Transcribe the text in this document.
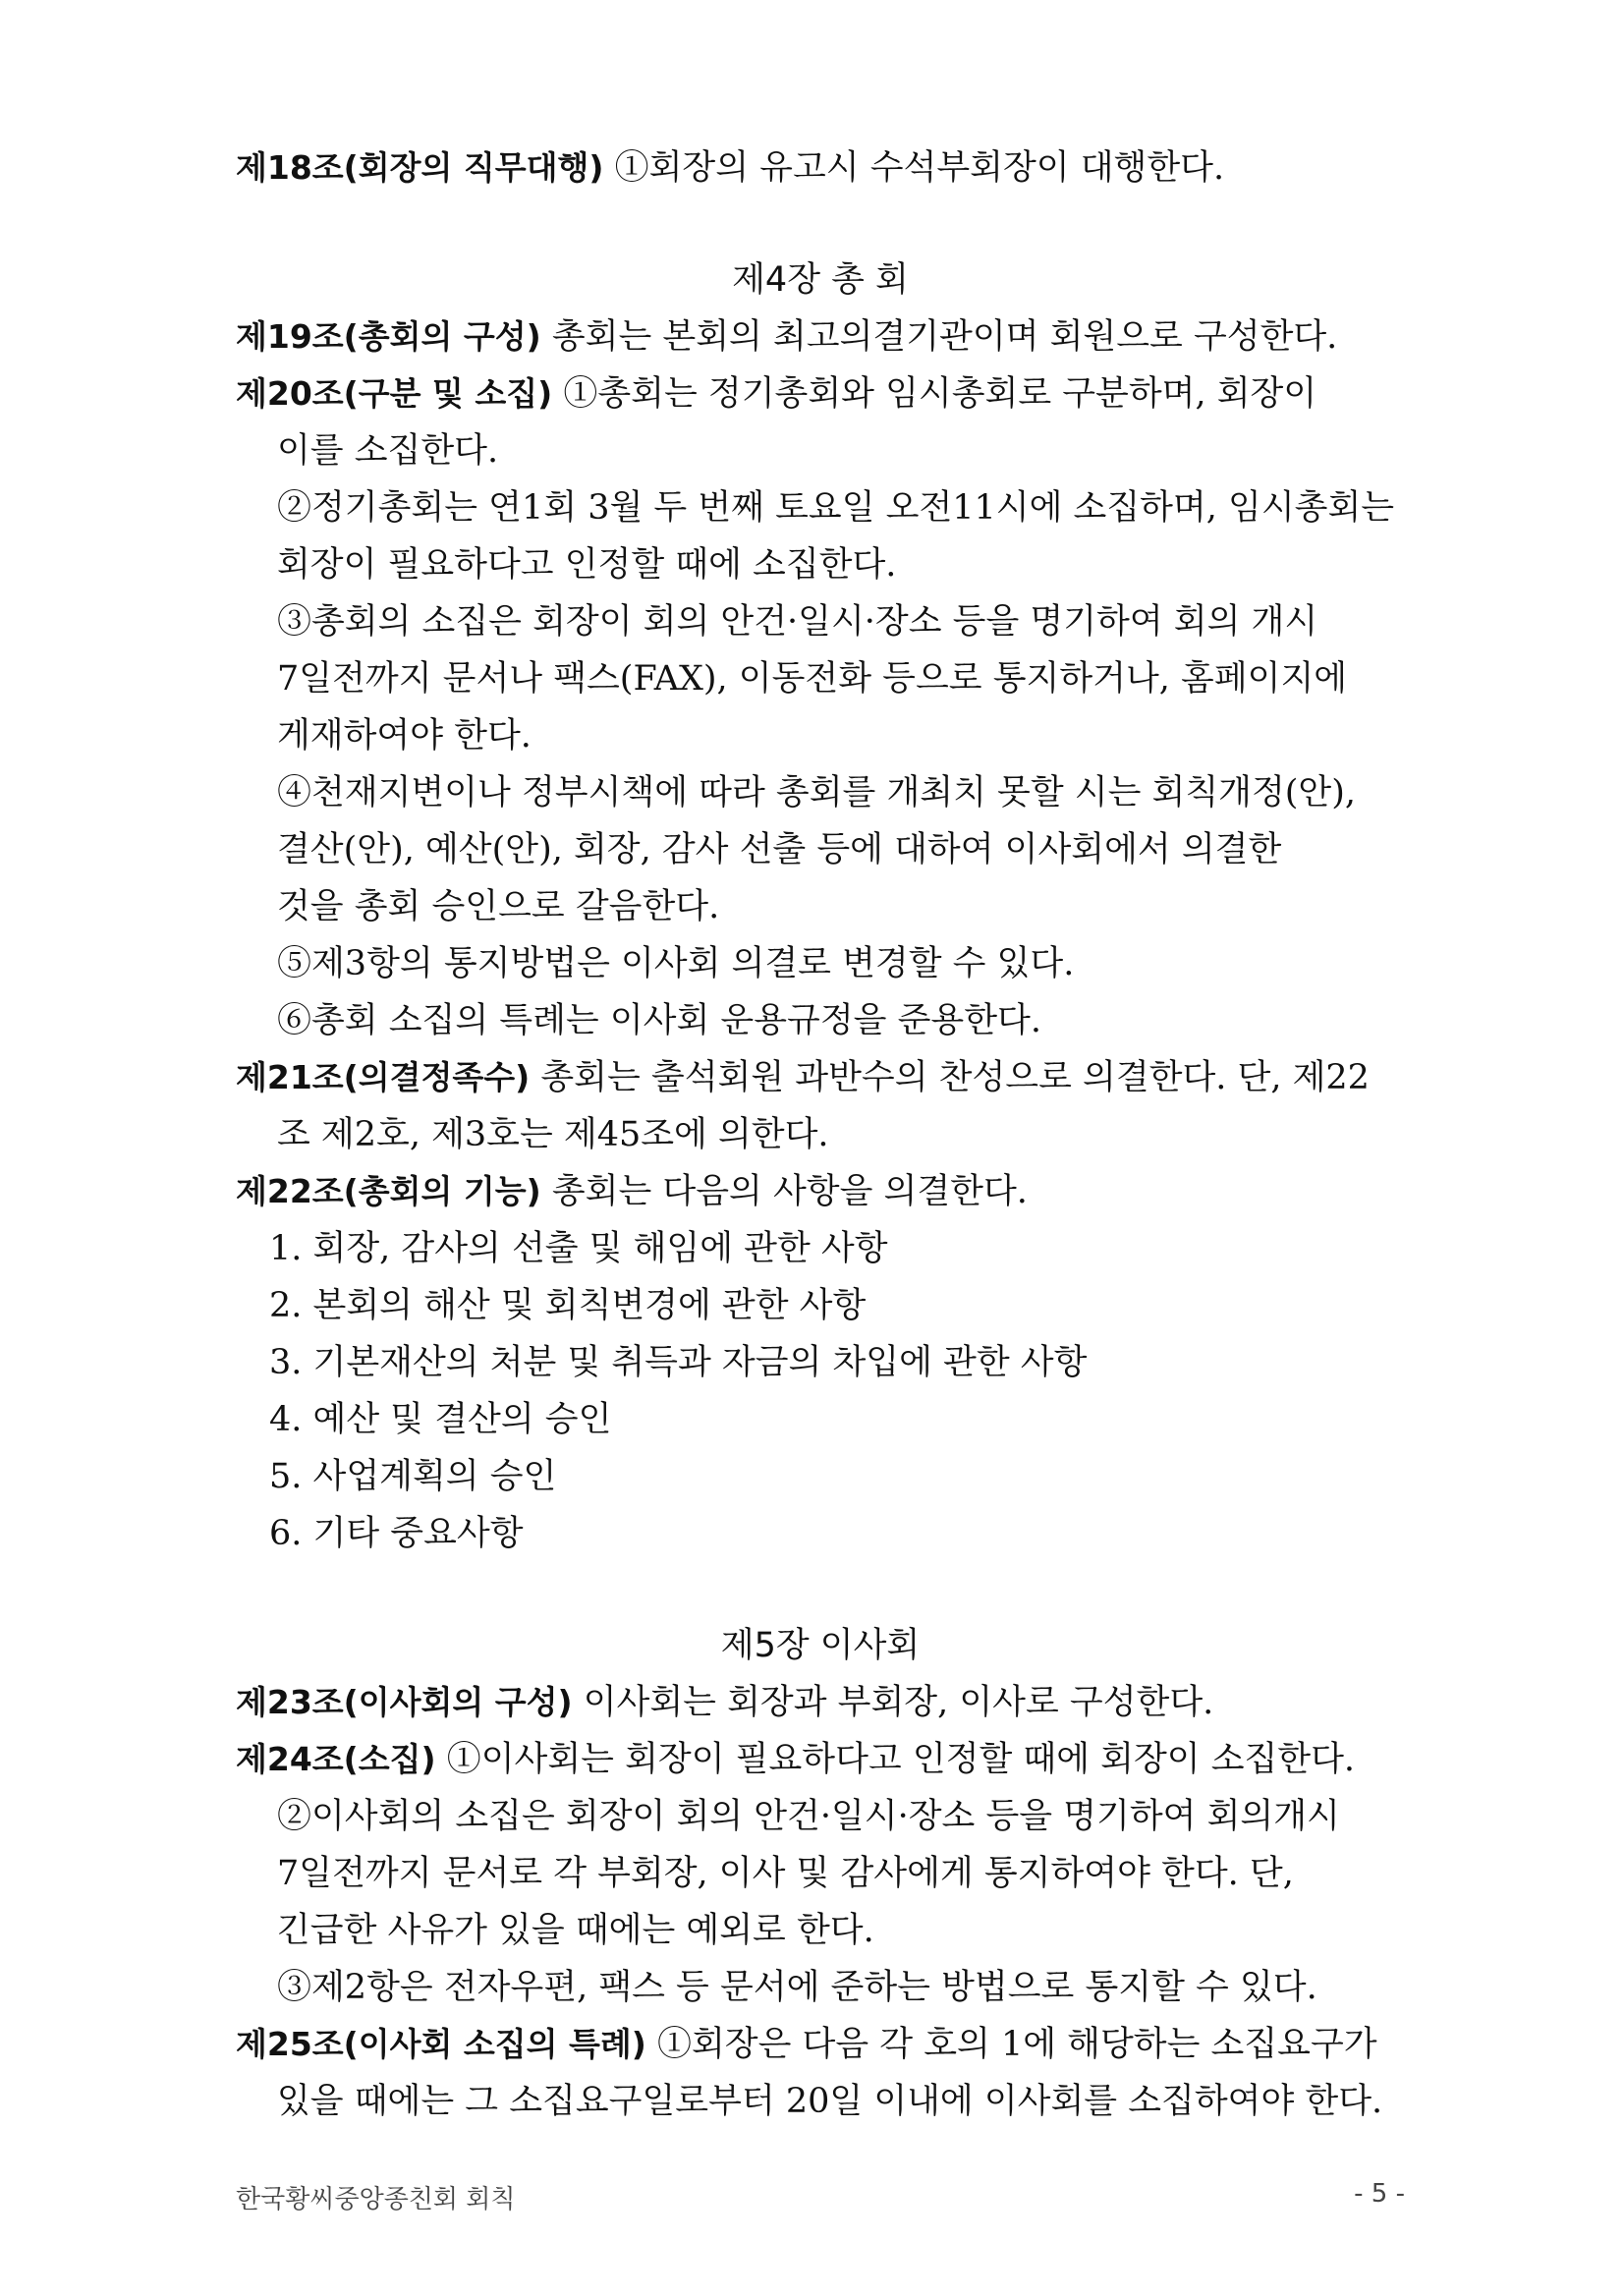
제18조(회장의 직무대행) ①회장의 유고시 수석부회장이 대행한다.
제4장 총 회
제19조(총회의 구성) 총회는 본회의 최고의결기관이며 회원으로 구성한다.
제20조(구분 및 소집) ①총회는 정기총회와 임시총회로 구분하며, 회장이
이를 소집한다.
②정기총회는 연1회 3월 두 번째 토요일 오전11시에 소집하며, 임시총회는
회장이 필요하다고 인정할 때에 소집한다.
③총회의 소집은 회장이 회의 안건·일시·장소 등을 명기하여 회의 개시
7일전까지 문서나 팩스(FAX), 이동전화 등으로 통지하거나, 홈페이지에
게재하여야 한다.
④천재지변이나 정부시책에 따라 총회를 개최치 못할 시는 회칙개정(안),
결산(안), 예산(안), 회장, 감사 선출 등에 대하여 이사회에서 의결한
것을 총회 승인으로 갈음한다.
⑤제3항의 통지방법은 이사회 의결로 변경할 수 있다.
⑥총회 소집의 특례는 이사회 운용규정을 준용한다.
제21조(의결정족수) 총회는 출석회원 과반수의 찬성으로 의결한다. 단, 제22
조 제2호, 제3호는 제45조에 의한다.
제22조(총회의 기능) 총회는 다음의 사항을 의결한다.
1. 회장, 감사의 선출 및 해임에 관한 사항
2. 본회의 해산 및 회칙변경에 관한 사항
3. 기본재산의 처분 및 취득과 자금의 차입에 관한 사항
4. 예산 및 결산의 승인
5. 사업계획의 승인
6. 기타 중요사항
제5장 이사회
제23조(이사회의 구성) 이사회는 회장과 부회장, 이사로 구성한다.
제24조(소집) ①이사회는 회장이 필요하다고 인정할 때에 회장이 소집한다.
②이사회의 소집은 회장이 회의 안건·일시·장소 등을 명기하여 회의개시
7일전까지 문서로 각 부회장, 이사 및 감사에게 통지하여야 한다. 단,
긴급한 사유가 있을 때에는 예외로 한다.
③제2항은 전자우편, 팩스 등 문서에 준하는 방법으로 통지할 수 있다.
제25조(이사회 소집의 특례) ①회장은 다음 각 호의 1에 해당하는 소집요구가
있을 때에는 그 소집요구일로부터 20일 이내에 이사회를 소집하여야 한다.
한국황씨중앙종친회 회칙	- 5 -
